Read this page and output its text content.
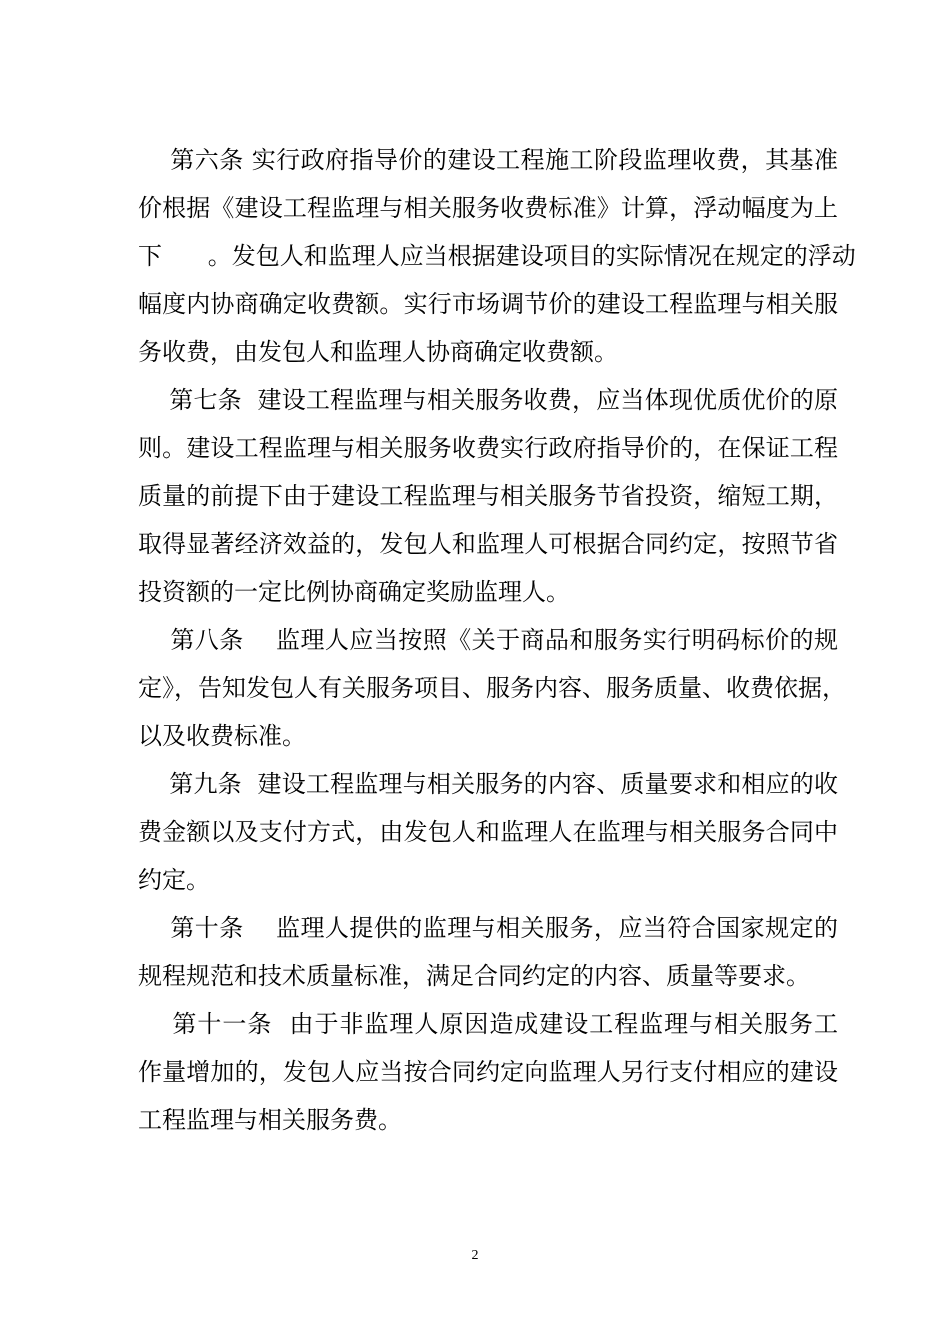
第六条 实行政府指导价的建设工程施工阶段监理收费，其基准
价根据《建设工程监理与相关服务收费标准》计算，浮动幅度为上
下      。发包人和监理人应当根据建设项目的实际情况在规定的浮动
幅度内协商确定收费额。实行市场调节价的建设工程监理与相关服
务收费，由发包人和监理人协商确定收费额。
第七条  建设工程监理与相关服务收费，应当体现优质优价的原
则。建设工程监理与相关服务收费实行政府指导价的，在保证工程
质量的前提下由于建设工程监理与相关服务节省投资，缩短工期，
取得显著经济效益的，发包人和监理人可根据合同约定，按照节省
投资额的一定比例协商确定奖励监理人。
第八条    监理人应当按照《关于商品和服务实行明码标价的规
定》，告知发包人有关服务项目、服务内容、服务质量、收费依据，
以及收费标准。
第九条  建设工程监理与相关服务的内容、质量要求和相应的收
费金额以及支付方式，由发包人和监理人在监理与相关服务合同中
约定。
第十条    监理人提供的监理与相关服务，应当符合国家规定的
规程规范和技术质量标准，满足合同约定的内容、质量等要求。
第十一条  由于非监理人原因造成建设工程监理与相关服务工
作量增加的，发包人应当按合同约定向监理人另行支付相应的建设
工程监理与相关服务费。
2
